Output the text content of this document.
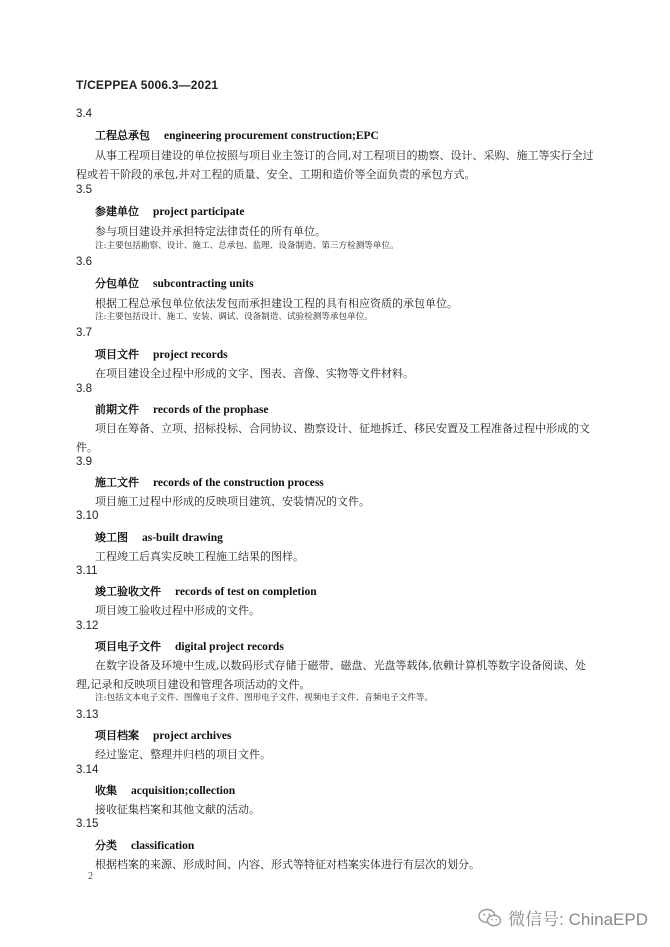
T/CEPPEA 5006.3—2021
3.4
工程总承包 engineering procurement construction;EPC
从事工程项目建设的单位按照与项目业主签订的合同,对工程项目的勘察、设计、采购、施工等实行全过程或若干阶段的承包,并对工程的质量、安全、工期和造价等全面负责的承包方式。
3.5
参建单位 project participate
参与项目建设并承担特定法律责任的所有单位。
注:主要包括勘察、设计、施工、总承包、监理、设备制造、第三方检测等单位。
3.6
分包单位 subcontracting units
根据工程总承包单位依法发包而承担建设工程的具有相应资质的承包单位。
注:主要包括设计、施工、安装、调试、设备制造、试验检测等承包单位。
3.7
项目文件 project records
在项目建设全过程中形成的文字、图表、音像、实物等文件材料。
3.8
前期文件 records of the prophase
项目在筹备、立项、招标投标、合同协议、勘察设计、征地拆迁、移民安置及工程准备过程中形成的文件。
3.9
施工文件 records of the construction process
项目施工过程中形成的反映项目建筑、安装情况的文件。
3.10
竣工图 as-built drawing
工程竣工后真实反映工程施工结果的图样。
3.11
竣工验收文件 records of test on completion
项目竣工验收过程中形成的文件。
3.12
项目电子文件 digital project records
在数字设备及环境中生成,以数码形式存储于磁带、磁盘、光盘等载体,依赖计算机等数字设备阅读、处理,记录和反映项目建设和管理各项活动的文件。
注:包括文本电子文件、图像电子文件、图形电子文件、视频电子文件、音频电子文件等。
3.13
项目档案 project archives
经过鉴定、整理并归档的项目文件。
3.14
收集 acquisition;collection
接收征集档案和其他文献的活动。
3.15
分类 classification
根据档案的来源、形成时间、内容、形式等特征对档案实体进行有层次的划分。
2
微信号: ChinaEPD
